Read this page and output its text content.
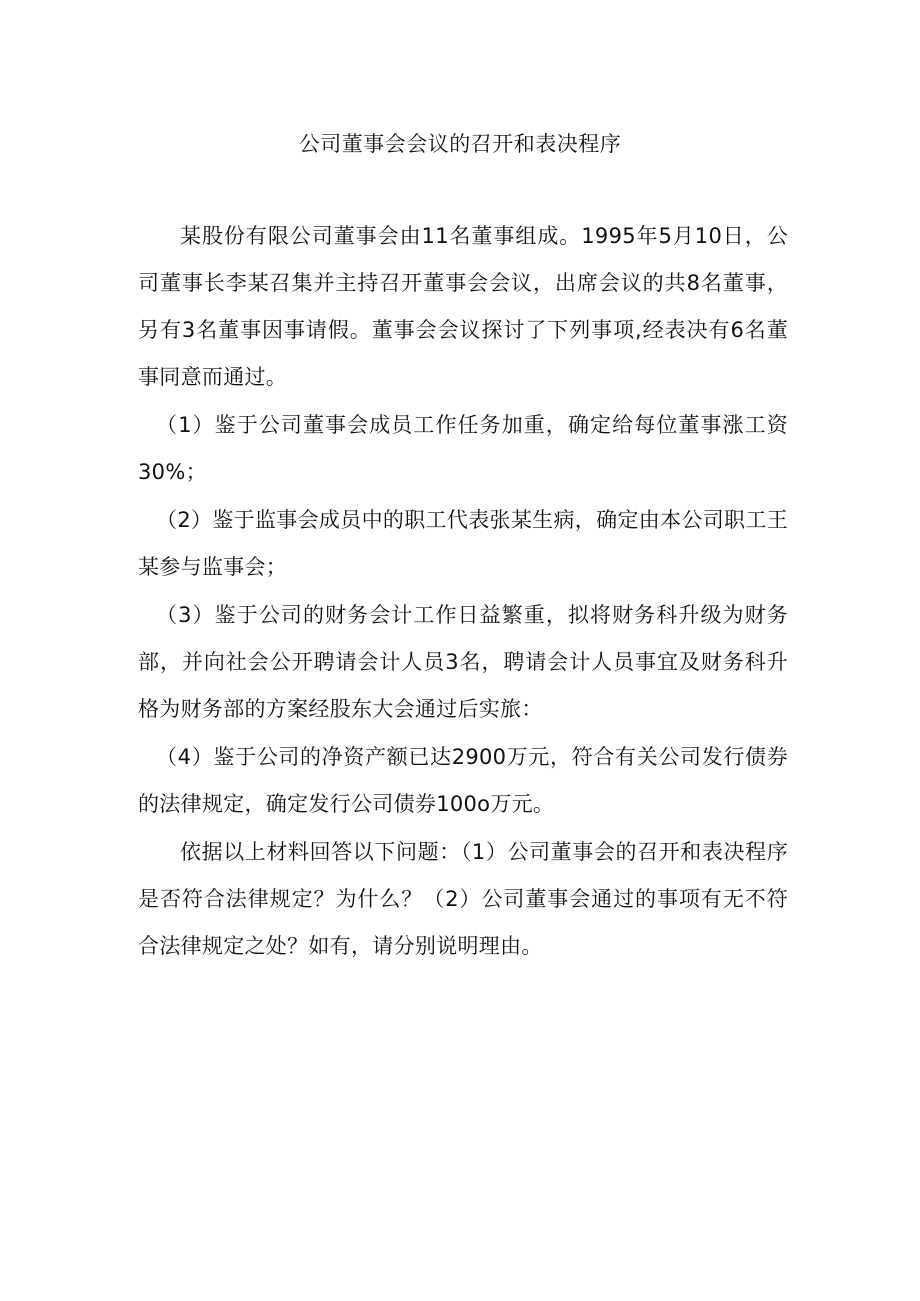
公司董事会会议的召开和表决程序

某股份有限公司董事会由11名董事组成。1995年5月10日，公司董事长李某召集并主持召开董事会会议，出席会议的共8名董事，另有3名董事因事请假。董事会会议探讨了下列事项,经表决有6名董事同意而通过。

（1）鉴于公司董事会成员工作任务加重，确定给每位董事涨工资30%；

（2）鉴于监事会成员中的职工代表张某生病，确定由本公司职工王某参与监事会；

（3）鉴于公司的财务会计工作日益繁重，拟将财务科升级为财务部，并向社会公开聘请会计人员3名，聘请会计人员事宜及财务科升格为财务部的方案经股东大会通过后实旅：

（4）鉴于公司的净资产额已达2900万元，符合有关公司发行债券的法律规定，确定发行公司债券100o万元。

依据以上材料回答以下问题：（1）公司董事会的召开和表决程序是否符合法律规定？为什么？（2）公司董事会通过的事项有无不符合法律规定之处？如有，请分别说明理由。
